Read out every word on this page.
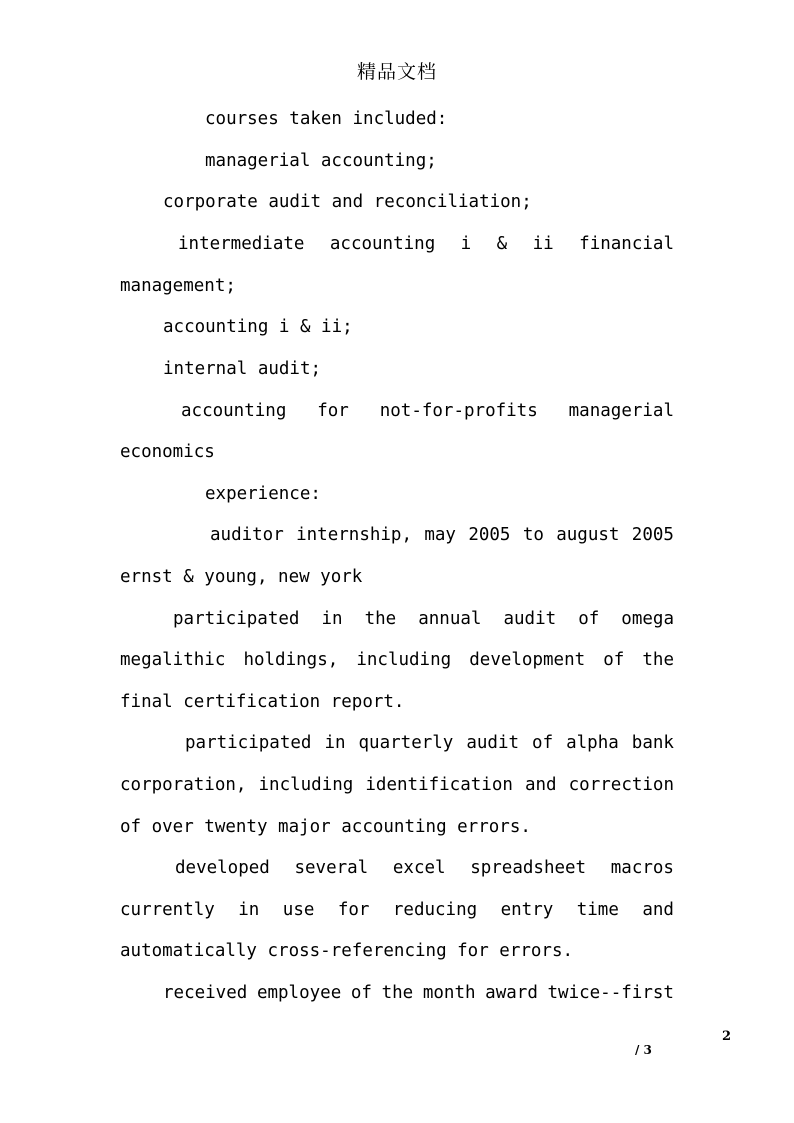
精品文档
courses taken included:
managerial accounting;
corporate audit and reconciliation;
intermediate accounting i & ii financial
management;
accounting i & ii;
internal audit;
accounting for not-for-profits managerial
economics
experience:
auditor internship, may 2005 to august 2005
ernst & young, new york
participated in the annual audit of omega
megalithic holdings, including development of the
final certification report.
participated in quarterly audit of alpha bank
corporation, including identification and correction
of over twenty major accounting errors.
developed several excel spreadsheet macros
currently in use for reducing entry time and
automatically cross-referencing for errors.
received employee of the month award twice--first
2
/ 3
